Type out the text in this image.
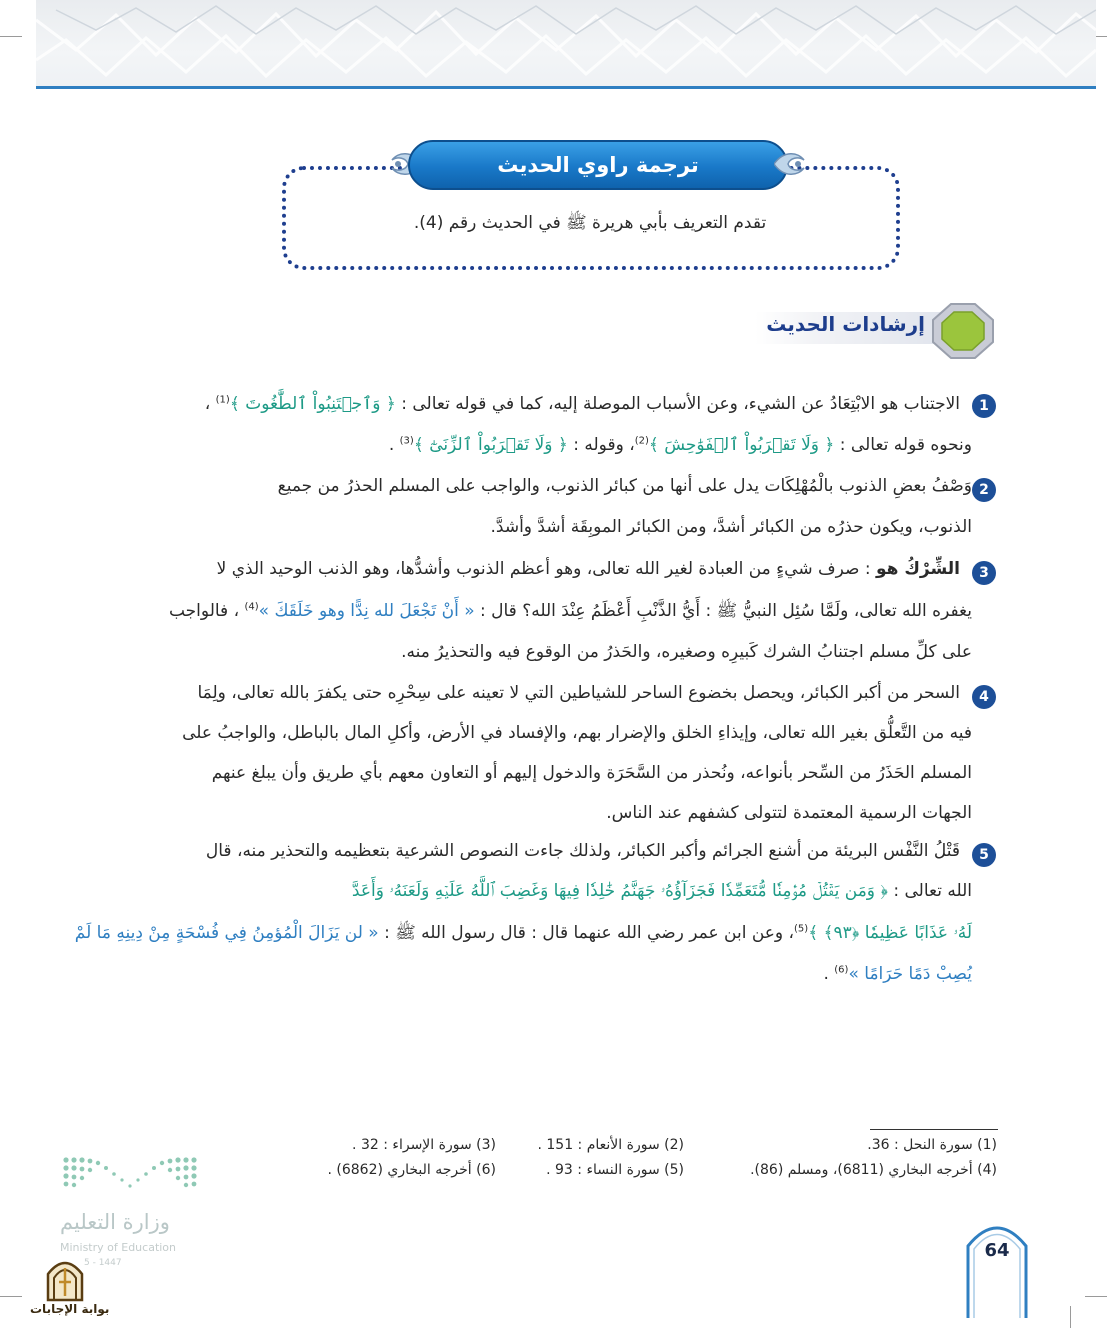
ترجمة راوي الحديث
تقدم التعريف بأبي هريرة ﷺ في الحديث رقم (4).
إرشادات الحديث
1
الاجتناب هو الابْتِعَادُ عن الشيء، وعن الأسباب الموصلة إليه، كما في قوله تعالى : ﴿ وَٱجۡتَنِبُواْ ٱلطَّٰغُوتَ ﴾$^{(1)}$ ،
ونحوه قوله تعالى : ﴿ وَلَا تَقۡرَبُواْ ٱلۡفَوَٰحِشَ ﴾$^{(2)}$، وقوله : ﴿ وَلَا تَقۡرَبُواْ ٱلزِّنَىٰٓ ﴾$^{(3)}$ .
2
وَصْفُ بعضِ الذنوب بالْمُهْلِكَات يدل على أنها من كبائر الذنوب، والواجب على المسلم الحذرُ من جميع
الذنوب، ويكون حذرُه من الكبائر أشدَّ، ومن الكبائر الموبِقَة أشدَّ وأشدَّ.
3
الشِّرْكُ هو : صرف شيءٍ من العبادة لغير الله تعالى، وهو أعظم الذنوب وأشدُّها، وهو الذنب الوحيد الذي لا
يغفره الله تعالى، ولَمَّا سُئِل النبيُّ ﷺ : أَيُّ الذَّنْبِ أَعْظَمُ عِنْدَ الله؟ قال : « أَنْ تَجْعَلَ لله نِدًّا وهو خَلَقَكَ »$^{(4)}$ ، فالواجب
على كلِّ مسلم اجتنابُ الشرك كَبيرِه وصغيره، والحَذرُ من الوقوع فيه والتحذيرُ منه.
4
السحر من أكبر الكبائر، ويحصل بخضوع الساحر للشياطين التي لا تعينه على سِحْرِه حتى يكفرَ بالله تعالى، ولِمَا
فيه من التَّعلُّق بغير الله تعالى، وإيذاءِ الخلق والإضرار بهم، والإفساد في الأرض، وأكلِ المال بالباطل، والواجبُ على
المسلم الحَذَرُ من السِّحر بأنواعه، ونُحذر من السَّحَرَة والدخول إليهم أو التعاون معهم بأي طريق وأن يبلغ عنهم
الجهات الرسمية المعتمدة لتتولى كشفهم عند الناس.
5
قَتْلُ النَّفْس البريئة من أشنع الجرائم وأكبر الكبائر، ولذلك جاءت النصوص الشرعية بتعظيمه والتحذير منه، قال
الله تعالى : ﴿ وَمَن يَقۡتُلۡ مُؤۡمِنٗا مُّتَعَمِّدٗا فَجَزَآؤُهُۥ جَهَنَّمُ خَٰلِدٗا فِيهَا وَغَضِبَ ٱللَّهُ عَلَيۡهِ وَلَعَنَهُۥ وَأَعَدَّ
لَهُۥ عَذَابًا عَظِيمٗا ﴿٩٣﴾ ﴾$^{(5)}$، وعن ابن عمر رضي الله عنهما قال : قال رسول الله ﷺ : « لن يَزَالَ الْمُؤمِنُ فِي فُسْحَةٍ مِنْ دِينِهِ مَا لَمْ
يُصِبْ دَمًا حَرَامًا »$^{(6)}$ .
(1) سورة النحل : 36.
(2) سورة الأنعام : 151 .
(3) سورة الإسراء : 32 .
(4) أخرجه البخاري (6811)، ومسلم (86).
(5) سورة النساء : 93 .
(6) أخرجه البخاري (6862) .
وزارة التعليم
Ministry of Education
5 - 1447
بوابة الإجابات
64
